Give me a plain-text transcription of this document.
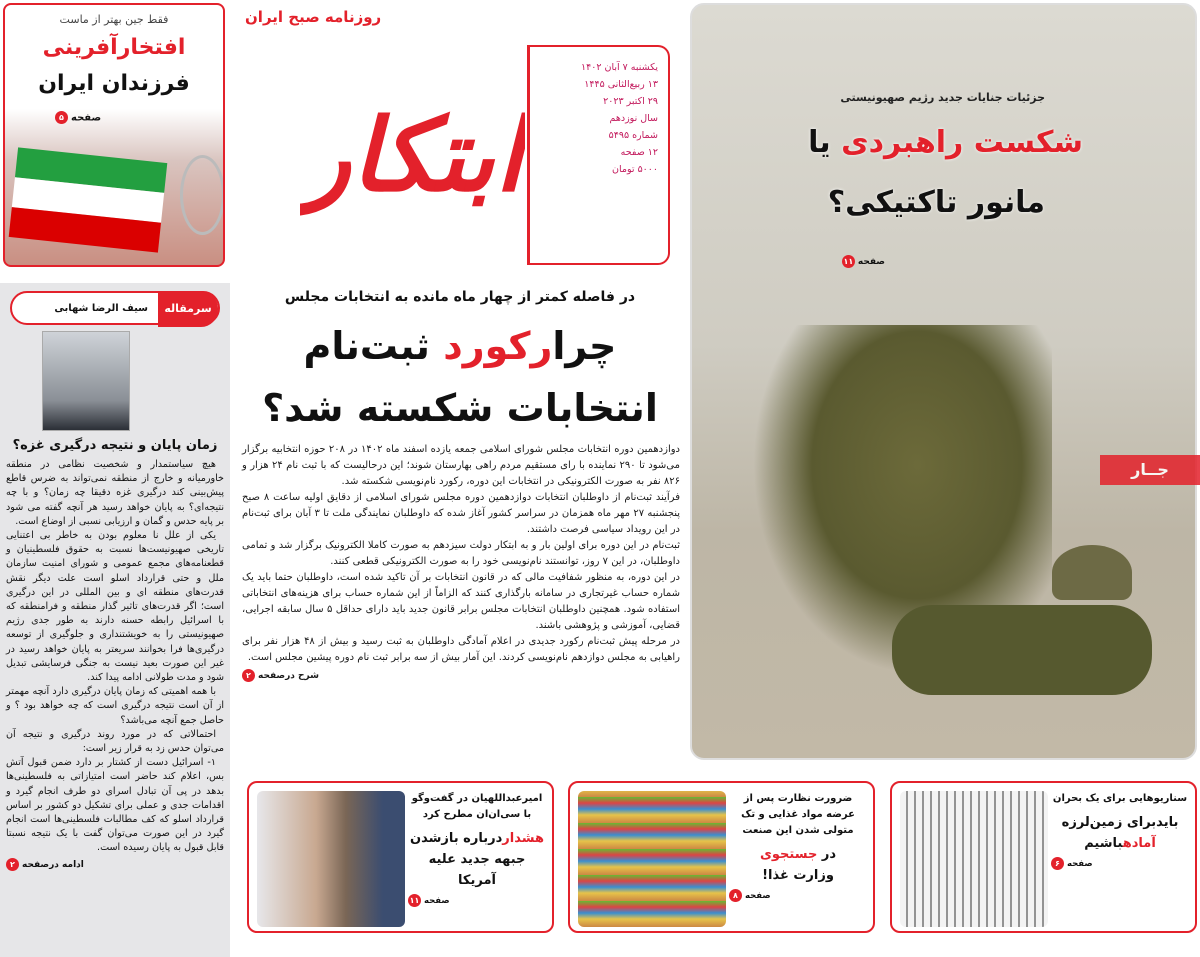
فقط جین بهتر از ماست
افتخارآفرینی
فرزندان ایران
صفحه۵
سرمقاله
سیف الرضا شهابی
زمان پایان و نتیجه درگیری غزه؟

هیچ سیاستمدار و شخصیت نظامی در منطقه خاورمیانه و خارج از منطقه نمی‌تواند به ضرس قاطع پیش‌بینی کند درگیری غزه دقیقا چه زمان؟ و با چه نتیجه‌ای؟ به پایان خواهد رسید هر آنچه گفته می شود بر پایه حدس و گمان و ارزیابی نسبی از اوضاع است.

یکی از علل نا معلوم بودن به خاطر بی اعتنایی تاریخی صهیونیست‌ها نسبت به حقوق فلسطینیان و قطعنامه‌های مجمع عمومی و شورای امنیت سازمان ملل و حتی قرارداد اسلو است علت دیگر نقش قدرت‌های منطقه ای و بین المللی در این درگیری است؛ اگر قدرت‌های تاثیر گذار منطقه و فرامنطقه که با اسرائیل رابطه حسنه دارند به طور جدی رژیم صهیونیستی را به خویشتنداری و جلوگیری از توسعه درگیری‌ها فرا بخوانند سریعتر به پایان خواهد رسید در غیر این صورت بعید نیست به جنگی فرسایشی تبدیل شود و مدت طولانی ادامه پیدا کند.

با همه اهمیتی که زمان پایان درگیری دارد آنچه مهمتر از آن است نتیجه درگیری است که چه خواهد بود ؟ و حاصل جمع آنچه می‌باشد؟

احتمالاتی که در مورد روند درگیری و نتیجه آن می‌توان حدس زد به قرار زیر است:

۱- اسرائیل دست از کشتار بر دارد ضمن قبول آتش بس، اعلام کند حاضر است امتیازاتی به فلسطینی‌ها بدهد در پی آن تبادل اسرای دو طرف انجام گیرد و اقدامات جدی و عملی برای تشکیل دو کشور بر اساس قرارداد اسلو که کف مطالبات فلسطینی‌ها است انجام گیرد در این صورت می‌توان گفت با یک نتیجه نسبتا قابل قبول به پایان رسیده است.

ادامه درصفحه۲
ابتکار
روزنامه صبح ایران
یکشنبه ۷ آبان ۱۴۰۲
۱۳ ربیع‌الثانی ۱۴۴۵
۲۹ اکتبر ۲۰۲۳
سال نوزدهم
شماره ۵۴۹۵
۱۲ صفحه
۵۰۰۰ تومان
در فاصله کمتر از چهار ماه مانده به انتخابات مجلس
چرارکورد ثبت‌نام
انتخابات شکسته شد؟

دوازدهمین دوره انتخابات مجلس شورای اسلامی جمعه یازده اسفند ماه ۱۴۰۲ در ۲۰۸ حوزه انتخابیه برگزار می‌شود تا ۲۹۰ نماینده با رای مستقیم مردم راهی بهارستان شوند؛ این درحالیست که با ثبت نام ۲۴ هزار و ۸۲۶ نفر به صورت الکترونیکی در انتخابات این دوره، رکورد نام‌نویسی شکسته شد.

فرآیند ثبت‌نام از داوطلبان انتخابات دوازدهمین دوره مجلس شورای اسلامی از دقایق اولیه ساعت ۸ صبح پنجشنبه ۲۷ مهر ماه همزمان در سراسر کشور آغاز شده که داوطلبان نمایندگی ملت تا ۳ آبان برای ثبت‌نام در این رویداد سیاسی فرصت داشتند.

ثبت‌نام در این دوره برای اولین بار و به ابتکار دولت سیزدهم به صورت کاملا الکترونیک برگزار شد و تمامی داوطلبان، در این ۷ روز، توانستند نام‌نویسی خود را به صورت الکترونیکی قطعی کنند.

در این دوره، به منظور شفافیت مالی که در قانون انتخابات بر آن تاکید شده است، داوطلبان حتما باید یک شماره حساب غیرتجاری در سامانه بارگذاری کنند که الزاماً از این شماره حساب برای هزینه‌های انتخاباتی استفاده شود. همچنین داوطلبان انتخابات مجلس برابر قانون جدید باید دارای حداقل ۵ سال سابقه اجرایی، قضایی، آموزشی و پژوهشی باشند.

در مرحله پیش ثبت‌نام رکورد جدیدی در اعلام آمادگی داوطلبان به ثبت رسید و بیش از ۴۸ هزار نفر برای راهیابی به مجلس دوازدهم نام‌نویسی کردند. این آمار بیش از سه برابر ثبت نام دوره پیشین مجلس است.

شرح درصفحه۲
جزئیات جنایات جدید رژیم صهیونیستی
شکست راهبردی یا
مانور تاکتیکی؟
صفحه۱۱
جــار
سناریوهایی برای یک بحران
بایدبرای زمین‌لرزه
آمادهباشیم
صفحه۶
ضرورت نظارت پس از عرضه مواد غذایی و تک متولی شدن این صنعت
در جستجوی
وزارت غذا!
صفحه۸
امیرعبداللهیان در گفت‌وگو با سی‌ان‌ان مطرح کرد
هشداردرباره بازشدن
جبهه جدید علیه آمریکا
صفحه۱۱
